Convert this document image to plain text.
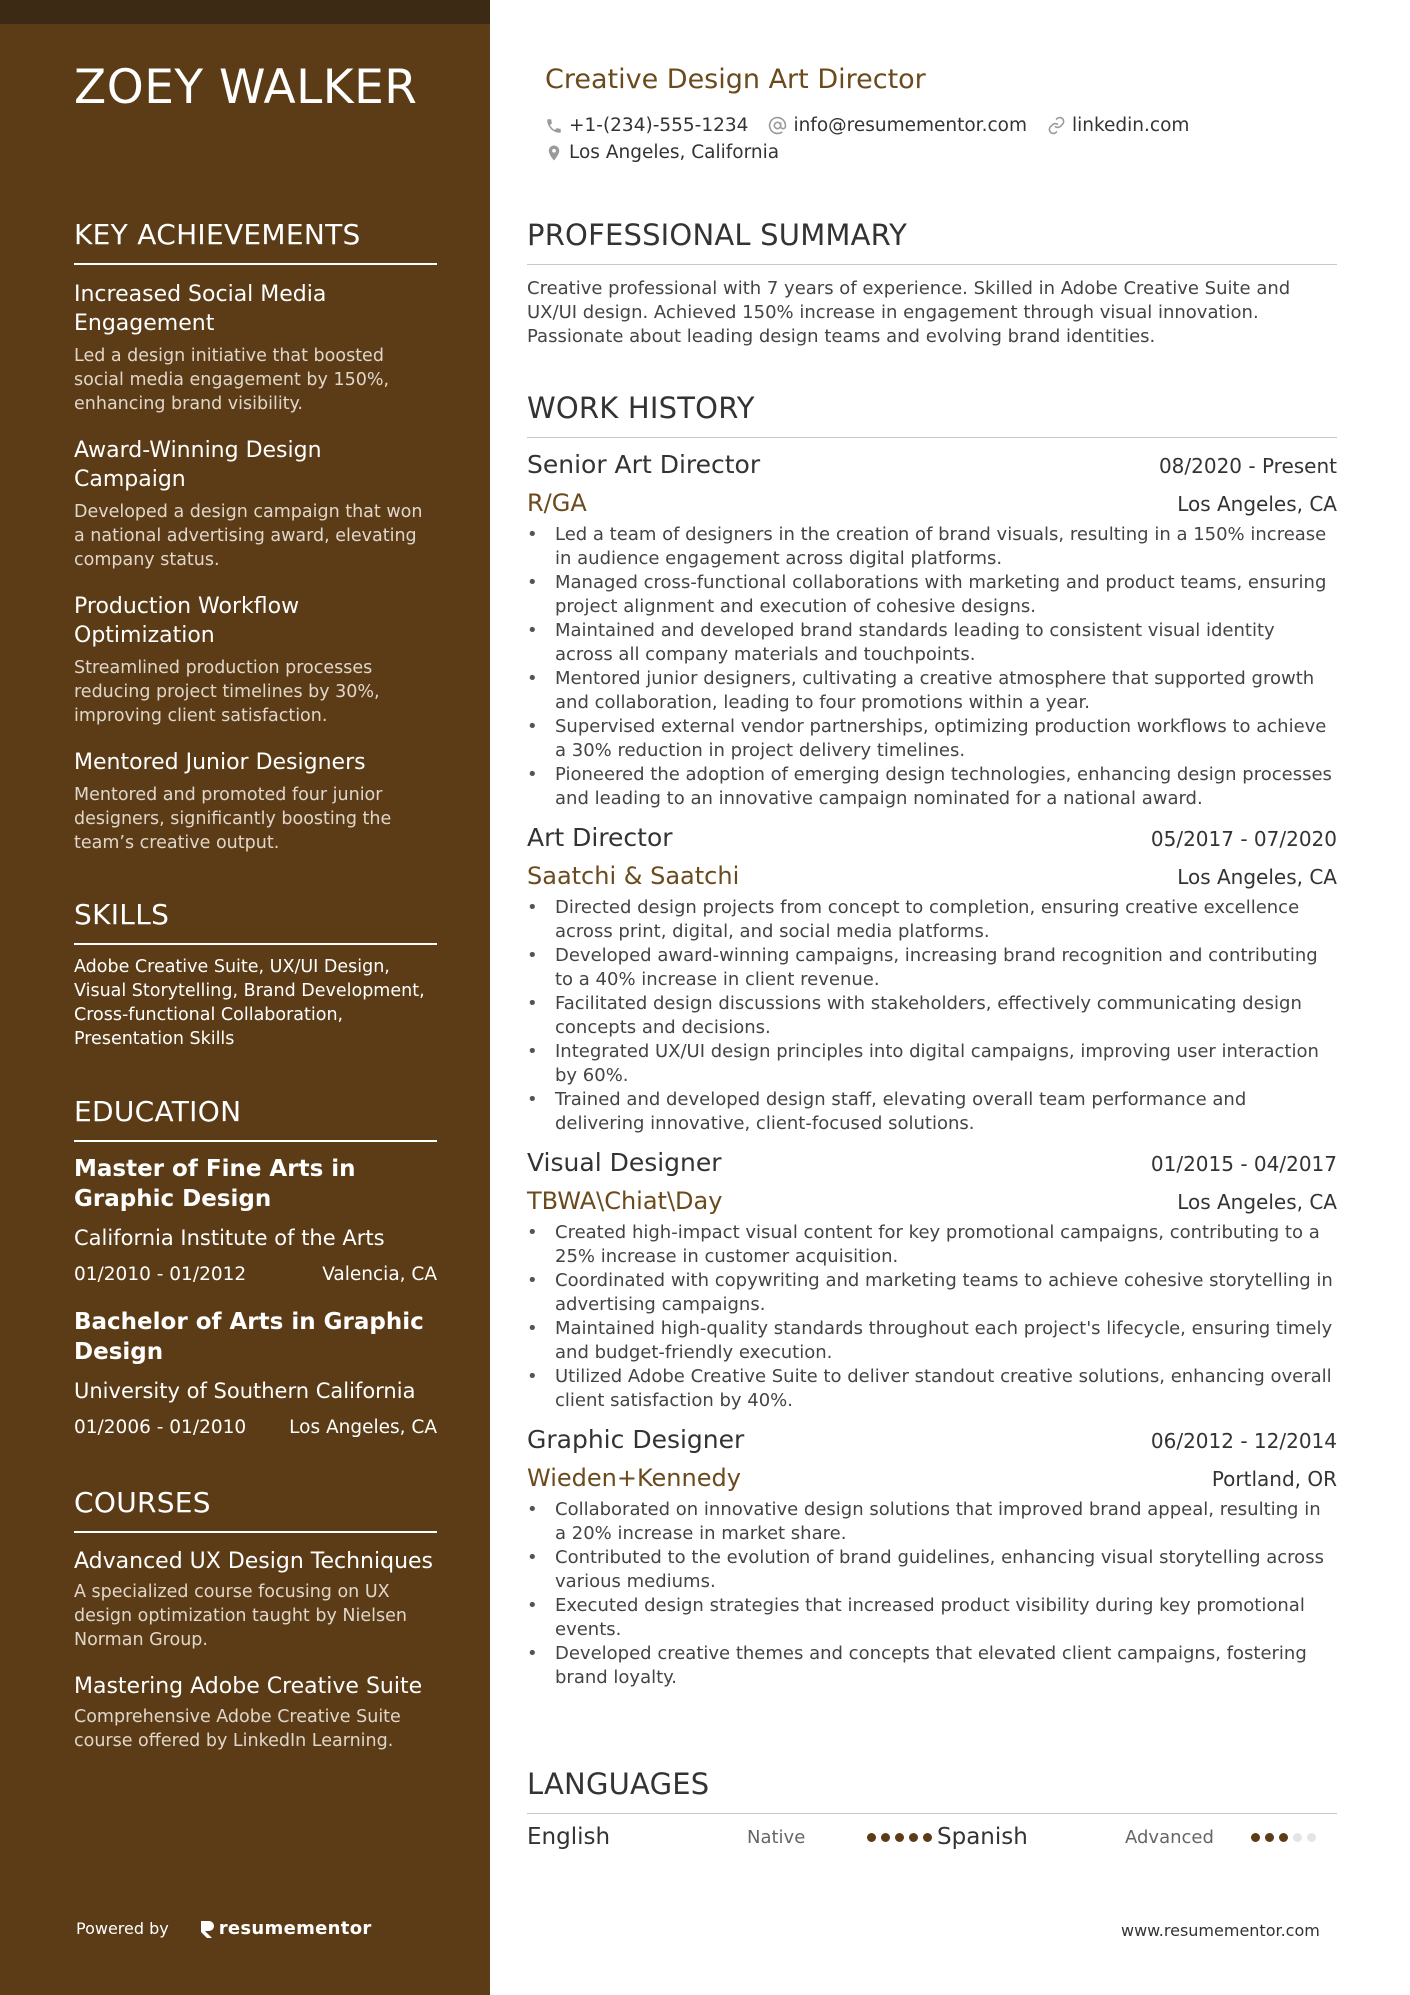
ZOEY WALKER
KEY ACHIEVEMENTS
Increased Social Media Engagement
Led a design initiative that boosted social media engagement by 150%, enhancing brand visibility.
Award-Winning Design Campaign
Developed a design campaign that won a national advertising award, elevating company status.
Production Workflow Optimization
Streamlined production processes reducing project timelines by 30%, improving client satisfaction.
Mentored Junior Designers
Mentored and promoted four junior designers, significantly boosting the team’s creative output.
SKILLS
Adobe Creative Suite, UX/UI Design, Visual Storytelling, Brand Development, Cross-functional Collaboration, Presentation Skills
EDUCATION
Master of Fine Arts in Graphic Design
California Institute of the Arts
01/2010 - 01/2012	Valencia, CA
Bachelor of Arts in Graphic Design
University of Southern California
01/2006 - 01/2010 Los Angeles, CA
COURSES
Advanced UX Design Techniques
A specialized course focusing on UX design optimization taught by Nielsen Norman Group.
Mastering Adobe Creative Suite
Comprehensive Adobe Creative Suite course offered by LinkedIn Learning.
Powered by	resumementor
Creative Design Art Director
+1-(234)-555-1234 info@resumementor.com linkedin.com
Los Angeles, California
PROFESSIONAL SUMMARY
Creative professional with 7 years of experience. Skilled in Adobe Creative Suite and UX/UI design. Achieved 150% increase in engagement through visual innovation. Passionate about leading design teams and evolving brand identities.
WORK HISTORY
Senior Art Director	08/2020 - Present
R/GA	Los Angeles, CA
• Led a team of designers in the creation of brand visuals, resulting in a 150% increase in audience engagement across digital platforms.
• Managed cross-functional collaborations with marketing and product teams, ensuring project alignment and execution of cohesive designs.
• Maintained and developed brand standards leading to consistent visual identity across all company materials and touchpoints.
• Mentored junior designers, cultivating a creative atmosphere that supported growth and collaboration, leading to four promotions within a year.
• Supervised external vendor partnerships, optimizing production workflows to achieve a 30% reduction in project delivery timelines.
• Pioneered the adoption of emerging design technologies, enhancing design processes and leading to an innovative campaign nominated for a national award.
Art Director	05/2017 - 07/2020
Saatchi & Saatchi	Los Angeles, CA
• Directed design projects from concept to completion, ensuring creative excellence across print, digital, and social media platforms.
• Developed award-winning campaigns, increasing brand recognition and contributing to a 40% increase in client revenue.
• Facilitated design discussions with stakeholders, effectively communicating design concepts and decisions.
• Integrated UX/UI design principles into digital campaigns, improving user interaction by 60%.
• Trained and developed design staff, elevating overall team performance and delivering innovative, client-focused solutions.
Visual Designer	01/2015 - 04/2017
TBWA\Chiat\Day	Los Angeles, CA
• Created high-impact visual content for key promotional campaigns, contributing to a 25% increase in customer acquisition.
• Coordinated with copywriting and marketing teams to achieve cohesive storytelling in advertising campaigns.
• Maintained high-quality standards throughout each project's lifecycle, ensuring timely and budget-friendly execution.
• Utilized Adobe Creative Suite to deliver standout creative solutions, enhancing overall client satisfaction by 40%.
Graphic Designer	06/2012 - 12/2014
Wieden+Kennedy	Portland, OR
• Collaborated on innovative design solutions that improved brand appeal, resulting in a 20% increase in market share.
• Contributed to the evolution of brand guidelines, enhancing visual storytelling across various mediums.
• Executed design strategies that increased product visibility during key promotional events.
• Developed creative themes and concepts that elevated client campaigns, fostering brand loyalty.
LANGUAGES
English	Native	Spanish	Advanced
www.resumementor.com
